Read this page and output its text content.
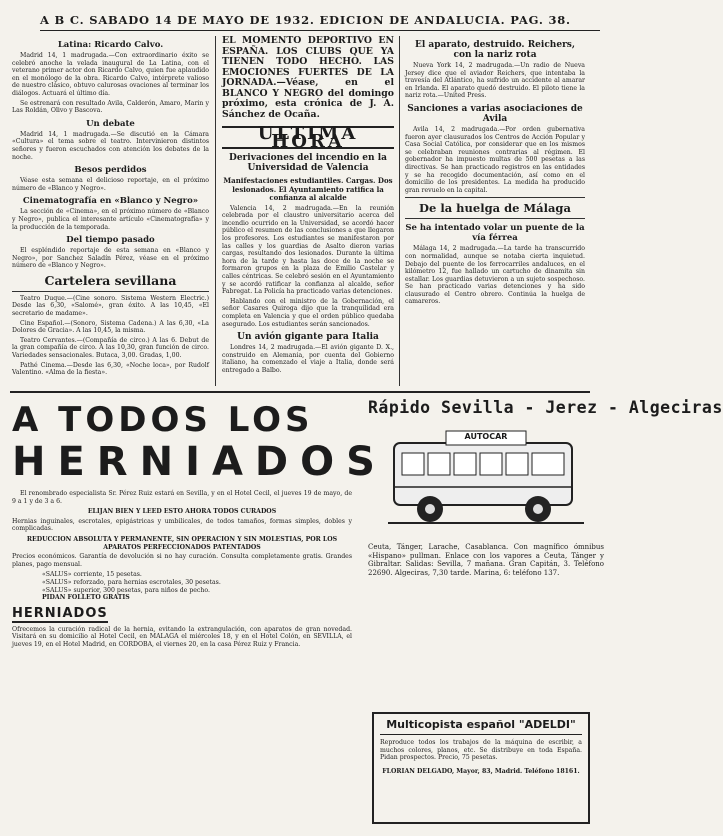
A B C. SABADO 14 DE MAYO DE 1932. EDICION DE ANDALUCIA. PAG. 38.
Latina: Ricardo Calvo.

Madrid 14, 1 madrugada.—Con extraordinario éxito se celebró anoche la velada inaugural de La Latina, con el veterano primer actor don Ricardo Calvo, quien fue aplaudido en el monólogo de la obra. Ricardo Calvo, intérprete valioso de nuestro clásico, obtuvo calurosas ovaciones al terminar los diálogos. Actuará el último día.

Se estrenará con resultado Avila, Calderón, Amaro, Marin y Las Roldán, Olivo y Bascova.

Un debate

Madrid 14, 1 madrugada.—Se discutió en la Cámara «Cultura» el tema sobre el teatro. Intervinieron distintos señores y fueron escuchados con atención los debates de la noche.

Besos perdidos

Véase esta semana el delicioso reportaje, en el próximo número de «Blanco y Negro».

Cinematografía en «Blanco y Negro»

La sección de «Cinema», en el próximo número de «Blanco y Negro», publica el interesante artículo «Cinematografía» y la producción de la temporada.

Del tiempo pasado

El espléndido reportaje de esta semana en «Blanco y Negro», por Sanchez Saladín Pérez, véase en el próximo número de «Blanco y Negro».

Cartelera sevillana

Teatro Duque.—(Cine sonoro. Sistema Western Electric.) Desde las 6,30, «Salomé», gran éxito. A las 10,45, «El secretario de madame».

Cine Español.—(Sonoro, Sistema Cadena.) A las 6,30, «La Dolores de Gracia». A las 10,45, la misma.

Teatro Cervantes.—(Compañía de circo.) A las 6. Debut de la gran compañía de circo. A las 10,30, gran función de circo. Variedades sensacionales. Butaca, 3,00. Gradas, 1,00.

Pathé Cinema.—Desde las 6,30, «Noche loca», por Rudolf Valentino. «Alma de la fiesta».

EL MOMENTO DEPORTIVO EN ESPAÑA. LOS CLUBS QUE YA TIENEN TODO HECHO. LAS EMOCIONES FUERTES DE LA JORNADA.—Véase, en el BLANCO Y NEGRO del domingo próximo, esta crónica de J. A. Sánchez de Ocaña.
ULTIMA HORA
Derivaciones del incendio en la Universidad de Valencia
Manifestaciones estudiantiles. Cargas. Dos lesionados. El Ayuntamiento ratifica la confianza al alcalde

Valencia 14, 2 madrugada.—En la reunión celebrada por el claustro universitario acerca del incendio ocurrido en la Universidad, se acordó hacer público el resumen de las conclusiones a que llegaron los profesores. Los estudiantes se manifestaron por las calles y los guardias de Asalto dieron varias cargas, resultando dos lesionados. Durante la última hora de la tarde y hasta las doce de la noche se formaron grupos en la plaza de Emilio Castelar y calles céntricas. Se celebró sesión en el Ayuntamiento y se acordó ratificar la confianza al alcalde, señor Fabregat. La Policía ha practicado varias detenciones.

Hablando con el ministro de la Gobernación, el señor Casares Quiroga dijo que la tranquilidad era completa en Valencia y que el orden público quedaba asegurado. Los estudiantes serán sancionados.

Un avión gigante para Italia

Londres 14, 2 madrugada.—El avión gigante D. X., construido en Alemania, por cuenta del Gobierno italiano, ha comenzado el viaje a Italia, donde será entregado a Balbo.

El aparato, destruido. Reichers, con la nariz rota

Nueva York 14, 2 madrugada.—Un radio de Nueva Jersey dice que el aviador Reichers, que intentaba la travesía del Atlántico, ha sufrido un accidente al amarar en Irlanda. El aparato quedó destruido. El piloto tiene la nariz rota.—United Press.

Sanciones a varias asociaciones de Avila

Avila 14, 2 madrugada.—Por orden gubernativa fueron ayer clausurados los Centros de Acción Popular y Casa Social Católica, por considerar que en los mismos se celebraban reuniones contrarias al régimen. El gobernador ha impuesto multas de 500 pesetas a las directivas. Se han practicado registros en las entidades y se ha recogido documentación, así como en el domicilio de los presidentes. La medida ha producido gran revuelo en la capital.

De la huelga de Málaga
Se ha intentado volar un puente de la vía férrea

Málaga 14, 2 madrugada.—La tarde ha transcurrido con normalidad, aunque se notaba cierta inquietud. Debajo del puente de los ferrocarriles andaluces, en el kilómetro 12, fue hallado un cartucho de dinamita sin estallar. Los guardias detuvieron a un sujeto sospechoso. Se han practicado varias detenciones y ha sido clausurado el Centro obrero. Continúa la huelga de camareros.

A TODOS LOS
HERNIADOS
El renombrado especialista Sr. Pérez Ruiz estará en Sevilla, y en el Hotel Cecil, el jueves 19 de mayo, de 9 a 1 y de 3 a 6.
ELIJAN BIEN Y LEED ESTO AHORA TODOS CURADOS
Hernias inguinales, escrotales, epigástricas y umbilicales, de todos tamaños, formas simples, dobles y complicadas.
REDUCCION ABSOLUTA Y PERMANENTE, SIN OPERACION Y SIN MOLESTIAS, POR LOS APARATOS PERFECCIONADOS PATENTADOS
Precios económicos. Garantía de devolución si no hay curación. Consulta completamente gratis. Grandes planes, pago mensual.
«SALUS» corriente, 15 pesetas.
«SALUS» reforzado, para hernias escrotales, 30 pesetas.
«SALUS» superior, 300 pesetas, para niños de pecho.
PIDAN FOLLETO GRATIS
HERNIADOS
Ofrecemos la curación radical de la hernia, evitando la extrangulación, con aparatos de gran novedad. Visitará en su domicilio al Hotel Cecil, en MALAGA el miércoles 18, y en el Hotel Colón, en SEVILLA, el jueves 19, en el Hotel Madrid, en CORDOBA, el viernes 20, en la casa Pérez Ruiz y Francia.
Rápido Sevilla - Jerez - Algeciras
AUTOCAR
Ceuta, Tánger, Larache, Casablanca. Con magnífico ómnibus «Hispano» pullman. Enlace con los vapores a Ceuta, Tánger y Gibraltar. Salidas: Sevilla, 7 mañana. Gran Capitán, 3. Teléfono 22690. Algeciras, 7,30 tarde. Marina, 6: teléfono 137.
Multicopista español "ADELDI"
Reproduce todos los trabajos de la máquina de escribir, a muchos colores, planos, etc. Se distribuye en toda España. Pidan prospectos. Precio, 75 pesetas.
FLORIAN DELGADO, Mayor, 83, Madrid. Teléfono 18161.
